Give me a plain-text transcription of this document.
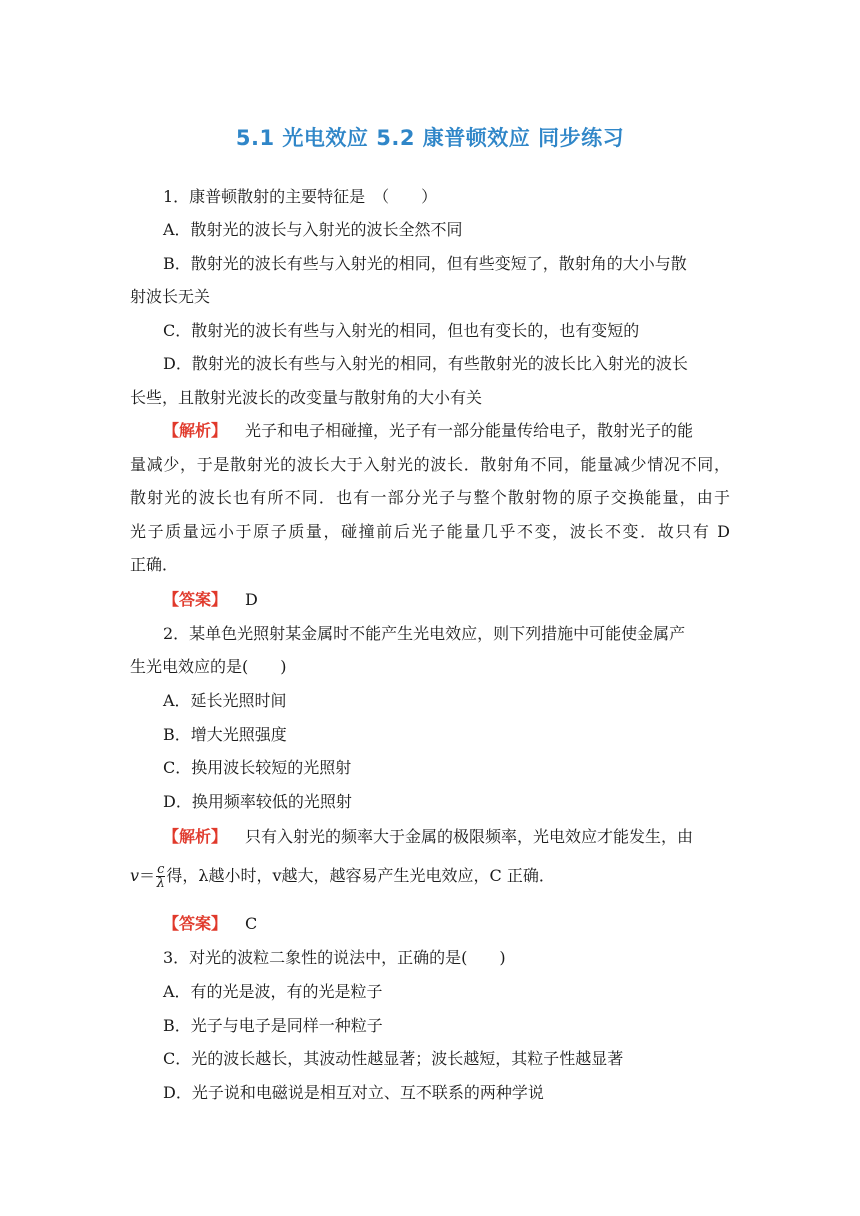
5.1 光电效应 5.2 康普顿效应 同步练习
1．康普顿散射的主要特征是　（　　）
A．散射光的波长与入射光的波长全然不同
B．散射光的波长有些与入射光的相同，但有些变短了，散射角的大小与散
射波长无关
C．散射光的波长有些与入射光的相同，但也有变长的，也有变短的
D．散射光的波长有些与入射光的相同，有些散射光的波长比入射光的波长
长些，且散射光波长的改变量与散射角的大小有关
【解析】 光子和电子相碰撞，光子有一部分能量传给电子，散射光子的能
量减少，于是散射光的波长大于入射光的波长．散射角不同，能量减少情况不同，
散射光的波长也有所不同．也有一部分光子与整个散射物的原子交换能量，由于
光子质量远小于原子质量，碰撞前后光子能量几乎不变，波长不变．故只有 D
正确．
【答案】 D
2．某单色光照射某金属时不能产生光电效应，则下列措施中可能使金属产
生光电效应的是(　　)
A．延长光照时间
B．增大光照强度
C．换用波长较短的光照射
D．换用频率较低的光照射
【解析】 只有入射光的频率大于金属的极限频率，光电效应才能发生，由
$v= \frac{c}{\lambda}$ 得，λ越小时，v越大，越容易产生光电效应，C 正确．
【答案】 C
3．对光的波粒二象性的说法中，正确的是(　　)
A．有的光是波，有的光是粒子
B．光子与电子是同样一种粒子
C．光的波长越长，其波动性越显著；波长越短，其粒子性越显著
D．光子说和电磁说是相互对立、互不联系的两种学说
